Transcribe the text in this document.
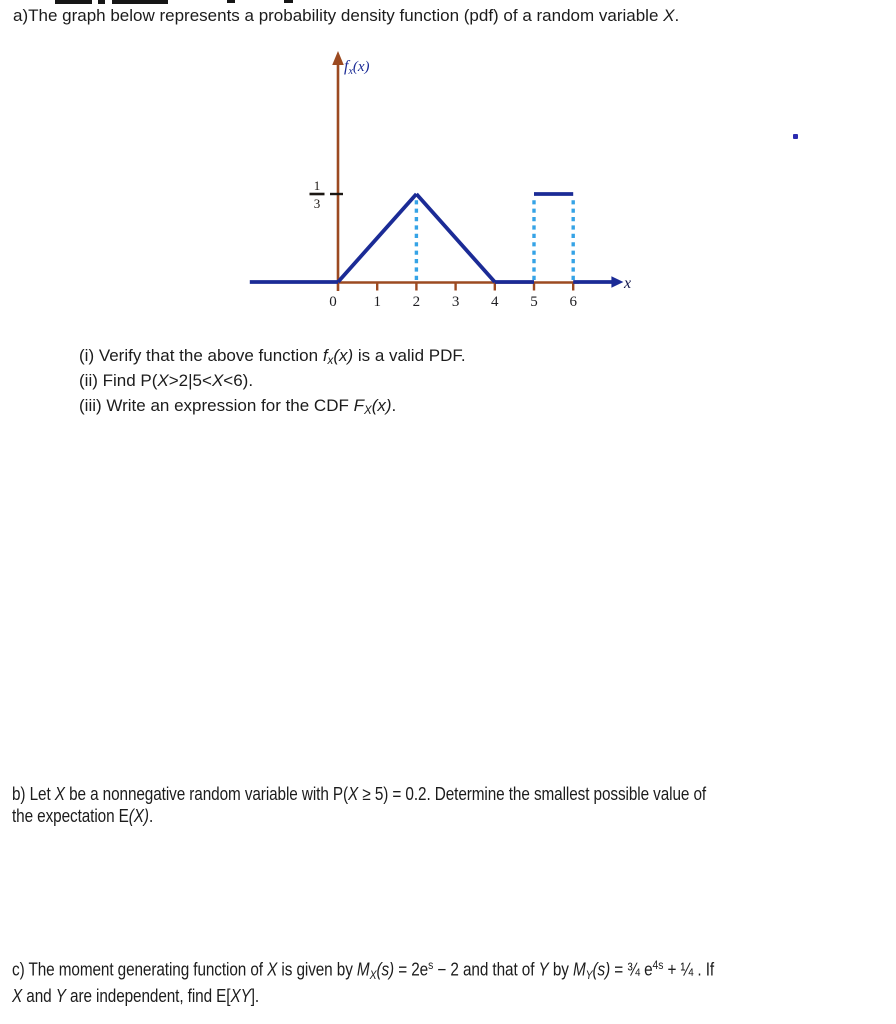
a)The graph below represents a probability density function (pdf) of a random variable X.
0 1 2 3 4 5 6
1
3
x
fx(x)
(i) Verify that the above function fx(x) is a valid PDF.
(ii) Find P(X>2|5<X<6).
(iii) Write an expression for the CDF FX(x).
b) Let X be a nonnegative random variable with P(X ≥ 5) = 0.2. Determine the smallest possible value of
the expectation E(X).
c) The moment generating function of X is given by $MX(s) = 2e^s - 2$ and that of Y by MY(s) = ¾ $e^{4s}$ + ¼ . If
X and Y are independent, find E[XY].
